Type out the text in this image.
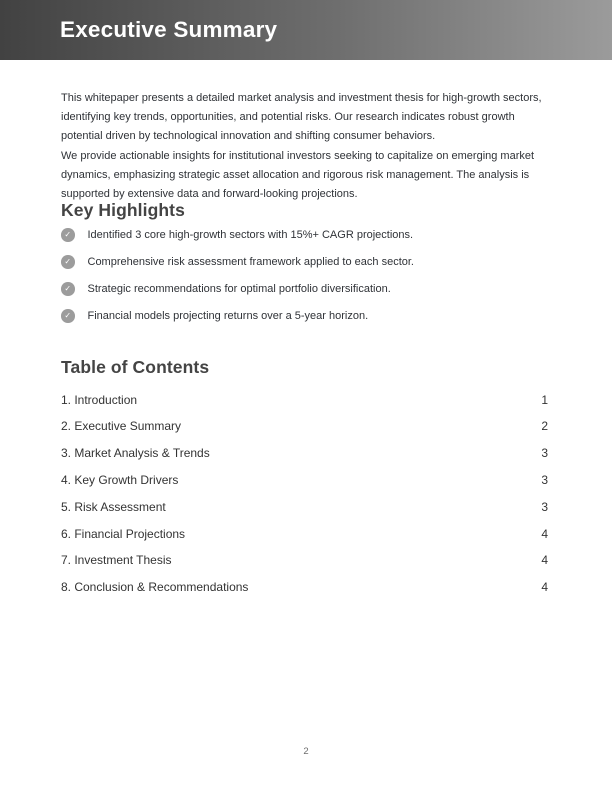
Executive Summary

This whitepaper presents a detailed market analysis and investment thesis for high-growth sectors, identifying key trends, opportunities, and potential risks. Our research indicates robust growth potential driven by technological innovation and shifting consumer behaviors.

We provide actionable insights for institutional investors seeking to capitalize on emerging market dynamics, emphasizing strategic asset allocation and rigorous risk management. The analysis is supported by extensive data and forward-looking projections.

Key Highlights
✓	Identified 3 core high-growth sectors with 15%+ CAGR projections.
✓	Comprehensive risk assessment framework applied to each sector.
✓	Strategic recommendations for optimal portfolio diversification.
✓	Financial models projecting returns over a 5-year horizon.
Table of Contents
1. Introduction	1
2. Executive Summary	2
3. Market Analysis & Trends	3
4. Key Growth Drivers	3
5. Risk Assessment	3
6. Financial Projections	4
7. Investment Thesis	4
8. Conclusion & Recommendations	4
2
